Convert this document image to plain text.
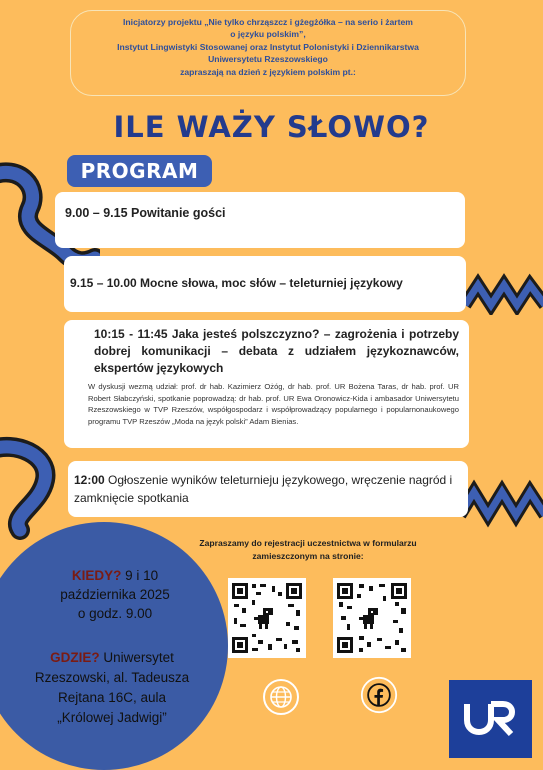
Inicjatorzy projektu „Nie tylko chrząszcz i gżegżółka – na serio i żartem
o języku polskim”,
Instytut Lingwistyki Stosowanej oraz Instytut Polonistyki i Dziennikarstwa
Uniwersytetu Rzeszowskiego
zapraszają na dzień z językiem polskim pt.:
ILE WAŻY SŁOWO?
PROGRAM
9.00 – 9.15 Powitanie gości
9.15 – 10.00 Mocne słowa, moc słów – teleturniej językowy
10:15 - 11:45 Jaka jesteś polszczyzno? – zagrożenia i potrzeby dobrej komunikacji – debata z udziałem językoznawców, ekspertów językowych
W dyskusji wezmą udział: prof. dr hab. Kazimierz Ożóg, dr hab. prof. UR Bożena Taras, dr hab. prof. UR Robert Słabczyński, spotkanie poprowadzą: dr hab. prof. UR Ewa Oronowicz-Kida i ambasador Uniwersytetu Rzeszowskiego w TVP Rzeszów, współgospodarz i współprowadzący popularnego i popularnonaukowego programu TVP Rzeszów „Moda na język polski” Adam Bienias.
12:00 Ogłoszenie wyników teleturnieju językowego, wręczenie nagród i zamknięcie spotkania
Zapraszamy do rejestracji uczestnictwa w formularzu
zamieszczonym na stronie:
KIEDY? 9 i 10
października 2025
o godz. 9.00
GDZIE? Uniwersytet
Rzeszowski, al. Tadeusza
Rejtana 16C, aula
„Królowej Jadwigi”
